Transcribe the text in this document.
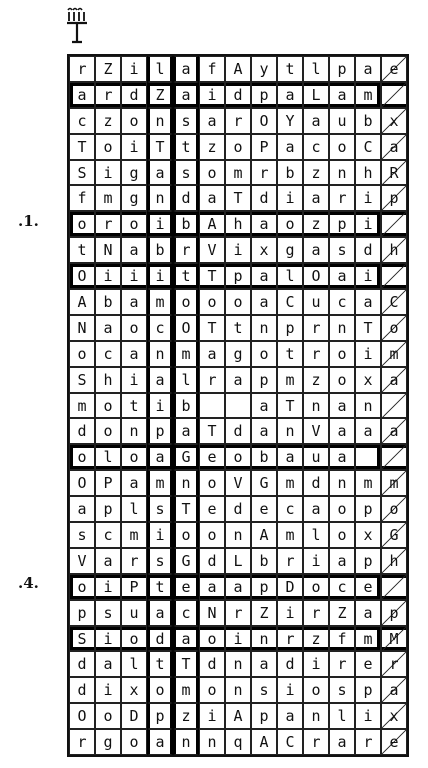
.1.
.4.
r Z i l a f A y t l p a e
a r d Z a i d p a L a m
c z o n s a r O Y a u b x
T o i T t z o P a c o C a
S i g a s o m r b z n h R
f m g n d a T d i a r i p
o r o i b A h a o z p i
t N a b r V i x g a s d h
O i i i t T p a l O a i
A b a m o o o a C u c a C
N a o c O T t n p r n T o
o c a n m a g o t r o i m
S h i a l r a p m z o x a
m o t i b	a T n a n
d o n p a T d a n V a a a
o l o a G e o b a u a
O P a m n o V G m d n m m
a p l s T e d e c a o p o
s c m i o o n A m l o x G
V a r s G d L b r i a p h
o i P t e a a p D o c e
p s u a c N r Z i r Z a p
S i o d a o i n r z f m M
d a l t T d n a d i r e r
d i x o m o n s i o s p a
O o D p z i A p a n l i x
r g o a n n q A C r a r e
